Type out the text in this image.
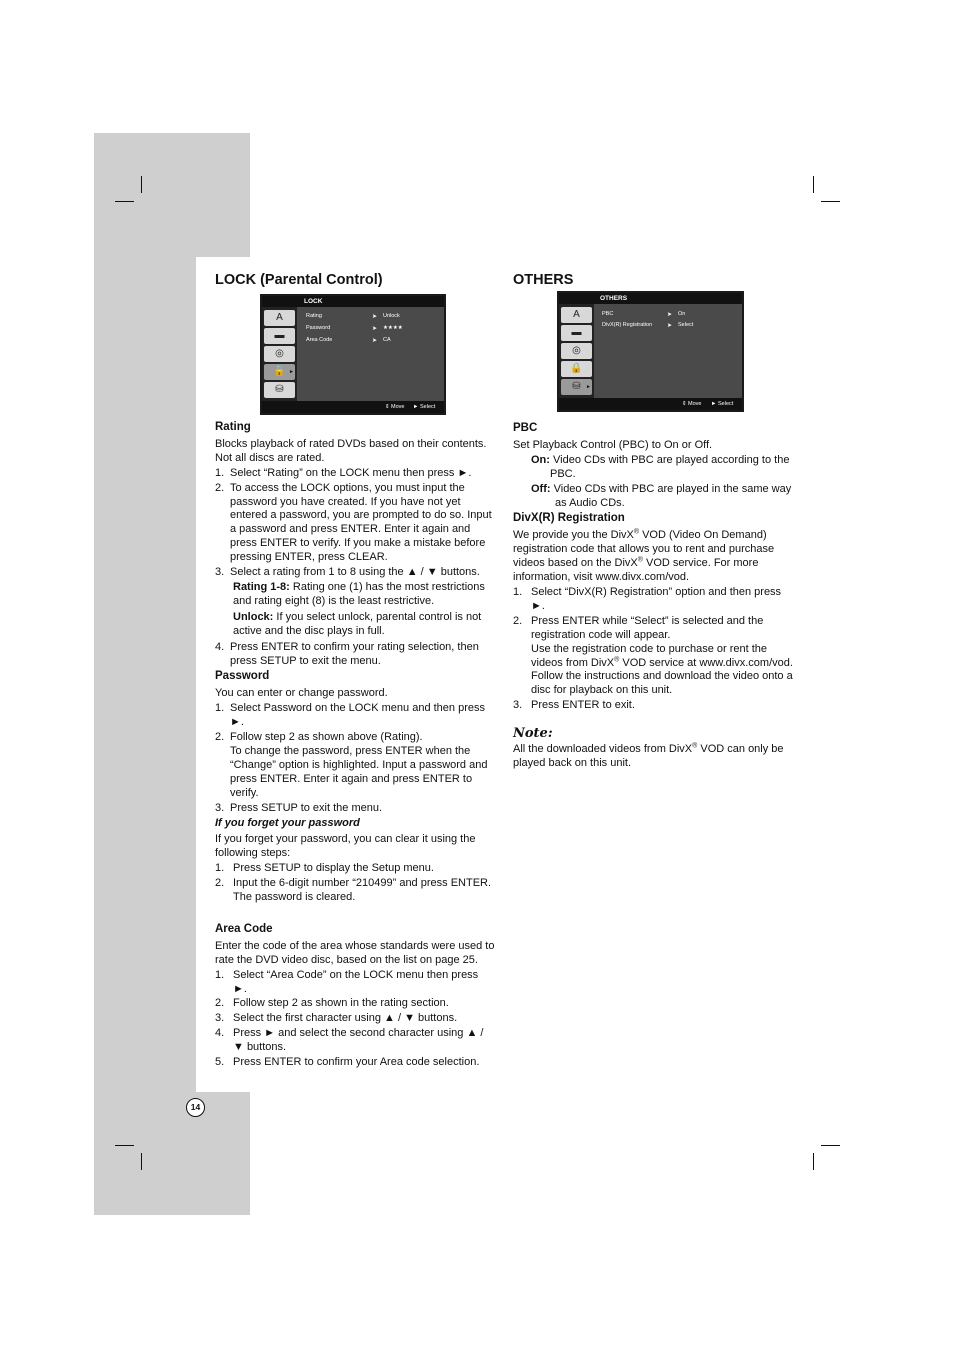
LOCK (Parental Control)
LOCK
A
▬
◎
🔒 ►
⛁
Rating	➤ Unlock
Password	➤ ★★★★
Area Code	➤ CA
⇕ Move ► Select
Rating
Blocks playback of rated DVDs based on their contents. Not all discs are rated.
1. Select “Rating” on the LOCK menu then press ►.
2. To access the LOCK options, you must input the password you have created. If you have not yet entered a password, you are prompted to do so. Input a password and press ENTER. Enter it again and press ENTER to verify. If you make a mistake before pressing ENTER, press CLEAR.
3. Select a rating from 1 to 8 using the ▲ / ▼ buttons.
Rating 1-8: Rating one (1) has the most restrictions and rating eight (8) is the least restrictive.
Unlock: If you select unlock, parental control is not active and the disc plays in full.
4. Press ENTER to confirm your rating selection, then press SETUP to exit the menu.
Password
You can enter or change password.
1. Select Password on the LOCK menu and then press ►.
2. Follow step 2 as shown above (Rating).
To change the password, press ENTER when the “Change” option is highlighted. Input a password and press ENTER. Enter it again and press ENTER to verify.
3. Press SETUP to exit the menu.
If you forget your password
If you forget your password, you can clear it using the following steps:
1. Press SETUP to display the Setup menu.
2. Input the 6-digit number “210499” and press ENTER. The password is cleared.
Area Code
Enter the code of the area whose standards were used to rate the DVD video disc, based on the list on page 25.
1. Select “Area Code” on the LOCK menu then press ►.
2. Follow step 2 as shown in the rating section.
3. Select the first character using ▲ / ▼ buttons.
4. Press ► and select the second character using ▲ / ▼ buttons.
5. Press ENTER to confirm your Area code selection.
OTHERS
OTHERS
A
▬
◎
🔒
⛁ ►
PBC	➤ On
DivX(R) Registration ➤ Select
⇕ Move ► Select
PBC
Set Playback Control (PBC) to On or Off.
On: Video CDs with PBC are played according to the PBC.
Off: Video CDs with PBC are played in the same way as Audio CDs.
DivX(R) Registration
We provide you the DivX® VOD (Video On Demand) registration code that allows you to rent and purchase videos based on the DivX® VOD service. For more information, visit www.divx.com/vod.
1. Select “DivX(R) Registration” option and then press ►.
2. Press ENTER while “Select” is selected and the registration code will appear.
Use the registration code to purchase or rent the videos from DivX® VOD service at www.divx.com/vod. Follow the instructions and download the video onto a disc for playback on this unit.
3. Press ENTER to exit.
Note:
All the downloaded videos from DivX® VOD can only be played back on this unit.
14
